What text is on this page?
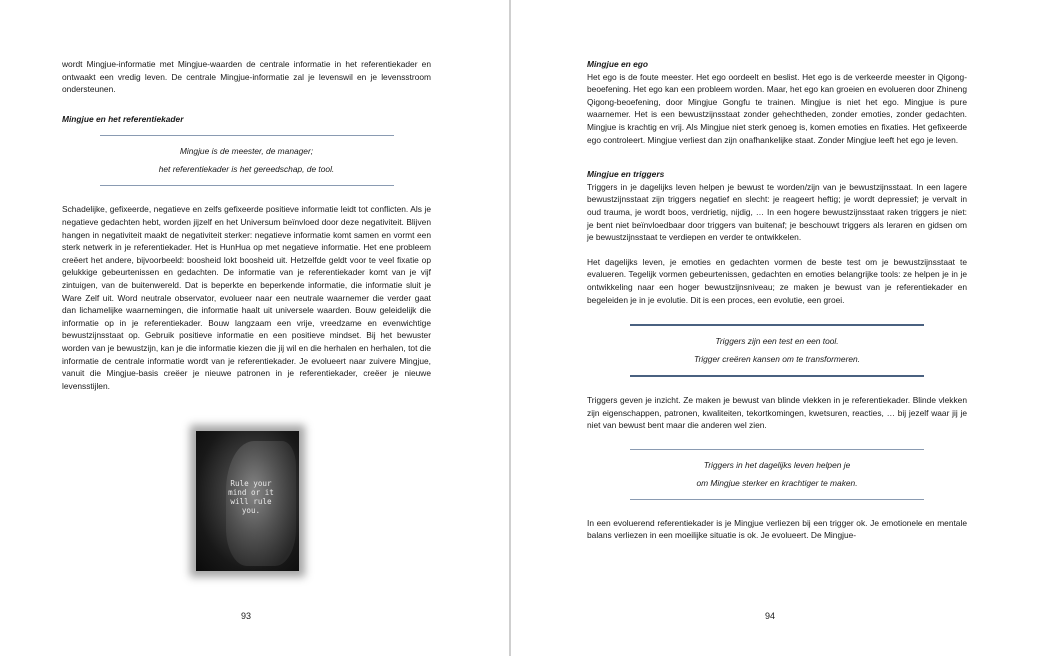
wordt Mingjue-informatie met Mingjue-waarden de centrale informatie in het referentiekader en ontwaakt een vredig leven. De centrale Mingjue-informatie zal je levenswil en je levensstroom ondersteunen.

Mingjue en het referentiekader

Mingjue is de meester, de manager;
het referentiekader is het gereedschap, de tool.

Schadelijke, gefixeerde, negatieve en zelfs gefixeerde positieve informatie leidt tot conflicten. Als je negatieve gedachten hebt, worden jijzelf en het Universum beïnvloed door deze negativiteit. Blijven hangen in negativiteit maakt de negativiteit sterker: negatieve informatie komt samen en vormt een sterk netwerk in je referentiekader. Het is HunHua op met negatieve informatie. Het ene probleem creëert het andere, bijvoorbeeld: boosheid lokt boosheid uit. Hetzelfde geldt voor te veel fixatie op gelukkige gebeurtenissen en gedachten. De informatie van je referentiekader komt van je vijf zintuigen, van de buitenwereld. Dat is beperkte en beperkende informatie, die informatie sluit je Ware Zelf uit. Word neutrale observator, evolueer naar een neutrale waarnemer die verder gaat dan lichamelijke waarnemingen, die informatie haalt uit universele waarden. Bouw geleidelijk die informatie op in je referentiekader. Bouw langzaam een vrije, vreedzame en evenwichtige bewustzijnsstaat op. Gebruik positieve informatie en een positieve mindset. Bij het bewuster worden van je bewustzijn, kan je die informatie kiezen die jij wil en die herhalen en herhalen, tot die informatie de centrale informatie wordt van je referentiekader. Je evolueert naar zuivere Mingjue, vanuit die Mingjue-basis creëer je nieuwe patronen in je referentiekader, creëer je nieuwe levensstijlen.

Rule your
mind or it
will rule
you.
93

Mingjue en ego

Het ego is de foute meester. Het ego oordeelt en beslist. Het ego is de verkeerde meester in Qigong-beoefening. Het ego kan een probleem worden. Maar, het ego kan groeien en evolueren door Zhineng Qigong-beoefening, door Mingjue Gongfu te trainen. Mingjue is niet het ego. Mingjue is pure waarnemer. Het is een bewustzijnsstaat zonder gehechtheden, zonder emoties, zonder gedachten. Mingjue is krachtig en vrij. Als Mingjue niet sterk genoeg is, komen emoties en fixaties. Het gefixeerde ego controleert. Mingjue verliest dan zijn onafhankelijke staat. Zonder Mingjue leeft het ego je leven.

Mingjue en triggers

Triggers in je dagelijks leven helpen je bewust te worden/zijn van je bewustzijnsstaat. In een lagere bewustzijnsstaat zijn triggers negatief en slecht: je reageert heftig; je wordt depressief; je vervalt in oud trauma, je wordt boos, verdrietig, nijdig, … In een hogere bewustzijnsstaat raken triggers je niet: je bent niet beïnvloedbaar door triggers van buitenaf; je beschouwt triggers als leraren en gidsen om je bewustzijnsstaat te verdiepen en verder te ontwikkelen.

Het dagelijks leven, je emoties en gedachten vormen de beste test om je bewustzijnsstaat te evalueren. Tegelijk vormen gebeurtenissen, gedachten en emoties belangrijke tools: ze helpen je in je ontwikkeling naar een hoger bewustzijnsniveau; ze maken je bewust van je referentiekader en begeleiden je in je evolutie. Dit is een proces, een evolutie, een groei.

Triggers zijn een test en een tool.
Trigger creëren kansen om te transformeren.

Triggers geven je inzicht. Ze maken je bewust van blinde vlekken in je referentiekader. Blinde vlekken zijn eigenschappen, patronen, kwaliteiten, tekortkomingen, kwetsuren, reacties, … bij jezelf waar jij je niet van bewust bent maar die anderen wel zien.

Triggers in het dagelijks leven helpen je
om Mingjue sterker en krachtiger te maken.

In een evoluerend referentiekader is je Mingjue verliezen bij een trigger ok. Je emotionele en mentale balans verliezen in een moeilijke situatie is ok. Je evolueert. De Mingjue-

94
